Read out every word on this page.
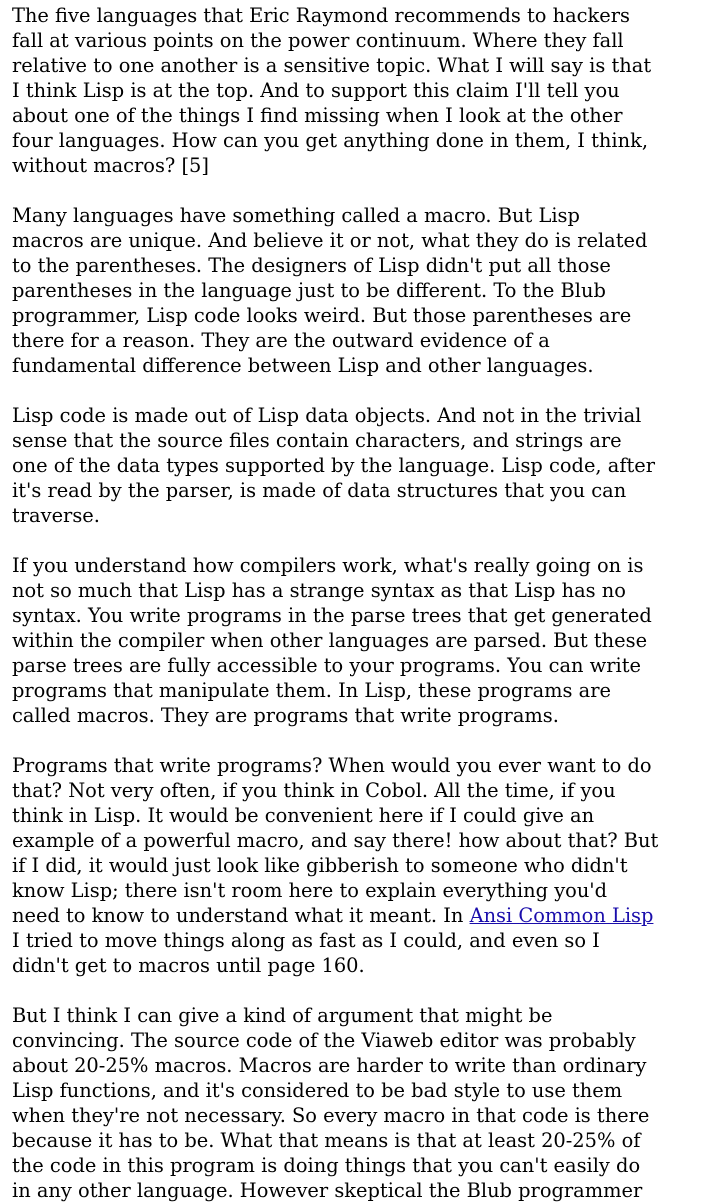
The five languages that Eric Raymond recommends to hackers
fall at various points on the power continuum. Where they fall
relative to one another is a sensitive topic. What I will say is that
I think Lisp is at the top. And to support this claim I'll tell you
about one of the things I find missing when I look at the other
four languages. How can you get anything done in them, I think,
without macros? [5]
Many languages have something called a macro. But Lisp
macros are unique. And believe it or not, what they do is related
to the parentheses. The designers of Lisp didn't put all those
parentheses in the language just to be different. To the Blub
programmer, Lisp code looks weird. But those parentheses are
there for a reason. They are the outward evidence of a
fundamental difference between Lisp and other languages.
Lisp code is made out of Lisp data objects. And not in the trivial
sense that the source files contain characters, and strings are
one of the data types supported by the language. Lisp code, after
it's read by the parser, is made of data structures that you can
traverse.
If you understand how compilers work, what's really going on is
not so much that Lisp has a strange syntax as that Lisp has no
syntax. You write programs in the parse trees that get generated
within the compiler when other languages are parsed. But these
parse trees are fully accessible to your programs. You can write
programs that manipulate them. In Lisp, these programs are
called macros. They are programs that write programs.
Programs that write programs? When would you ever want to do
that? Not very often, if you think in Cobol. All the time, if you
think in Lisp. It would be convenient here if I could give an
example of a powerful macro, and say there! how about that? But
if I did, it would just look like gibberish to someone who didn't
know Lisp; there isn't room here to explain everything you'd
need to know to understand what it meant. In Ansi Common Lisp
I tried to move things along as fast as I could, and even so I
didn't get to macros until page 160.
But I think I can give a kind of argument that might be
convincing. The source code of the Viaweb editor was probably
about 20-25% macros. Macros are harder to write than ordinary
Lisp functions, and it's considered to be bad style to use them
when they're not necessary. So every macro in that code is there
because it has to be. What that means is that at least 20-25% of
the code in this program is doing things that you can't easily do
in any other language. However skeptical the Blub programmer
